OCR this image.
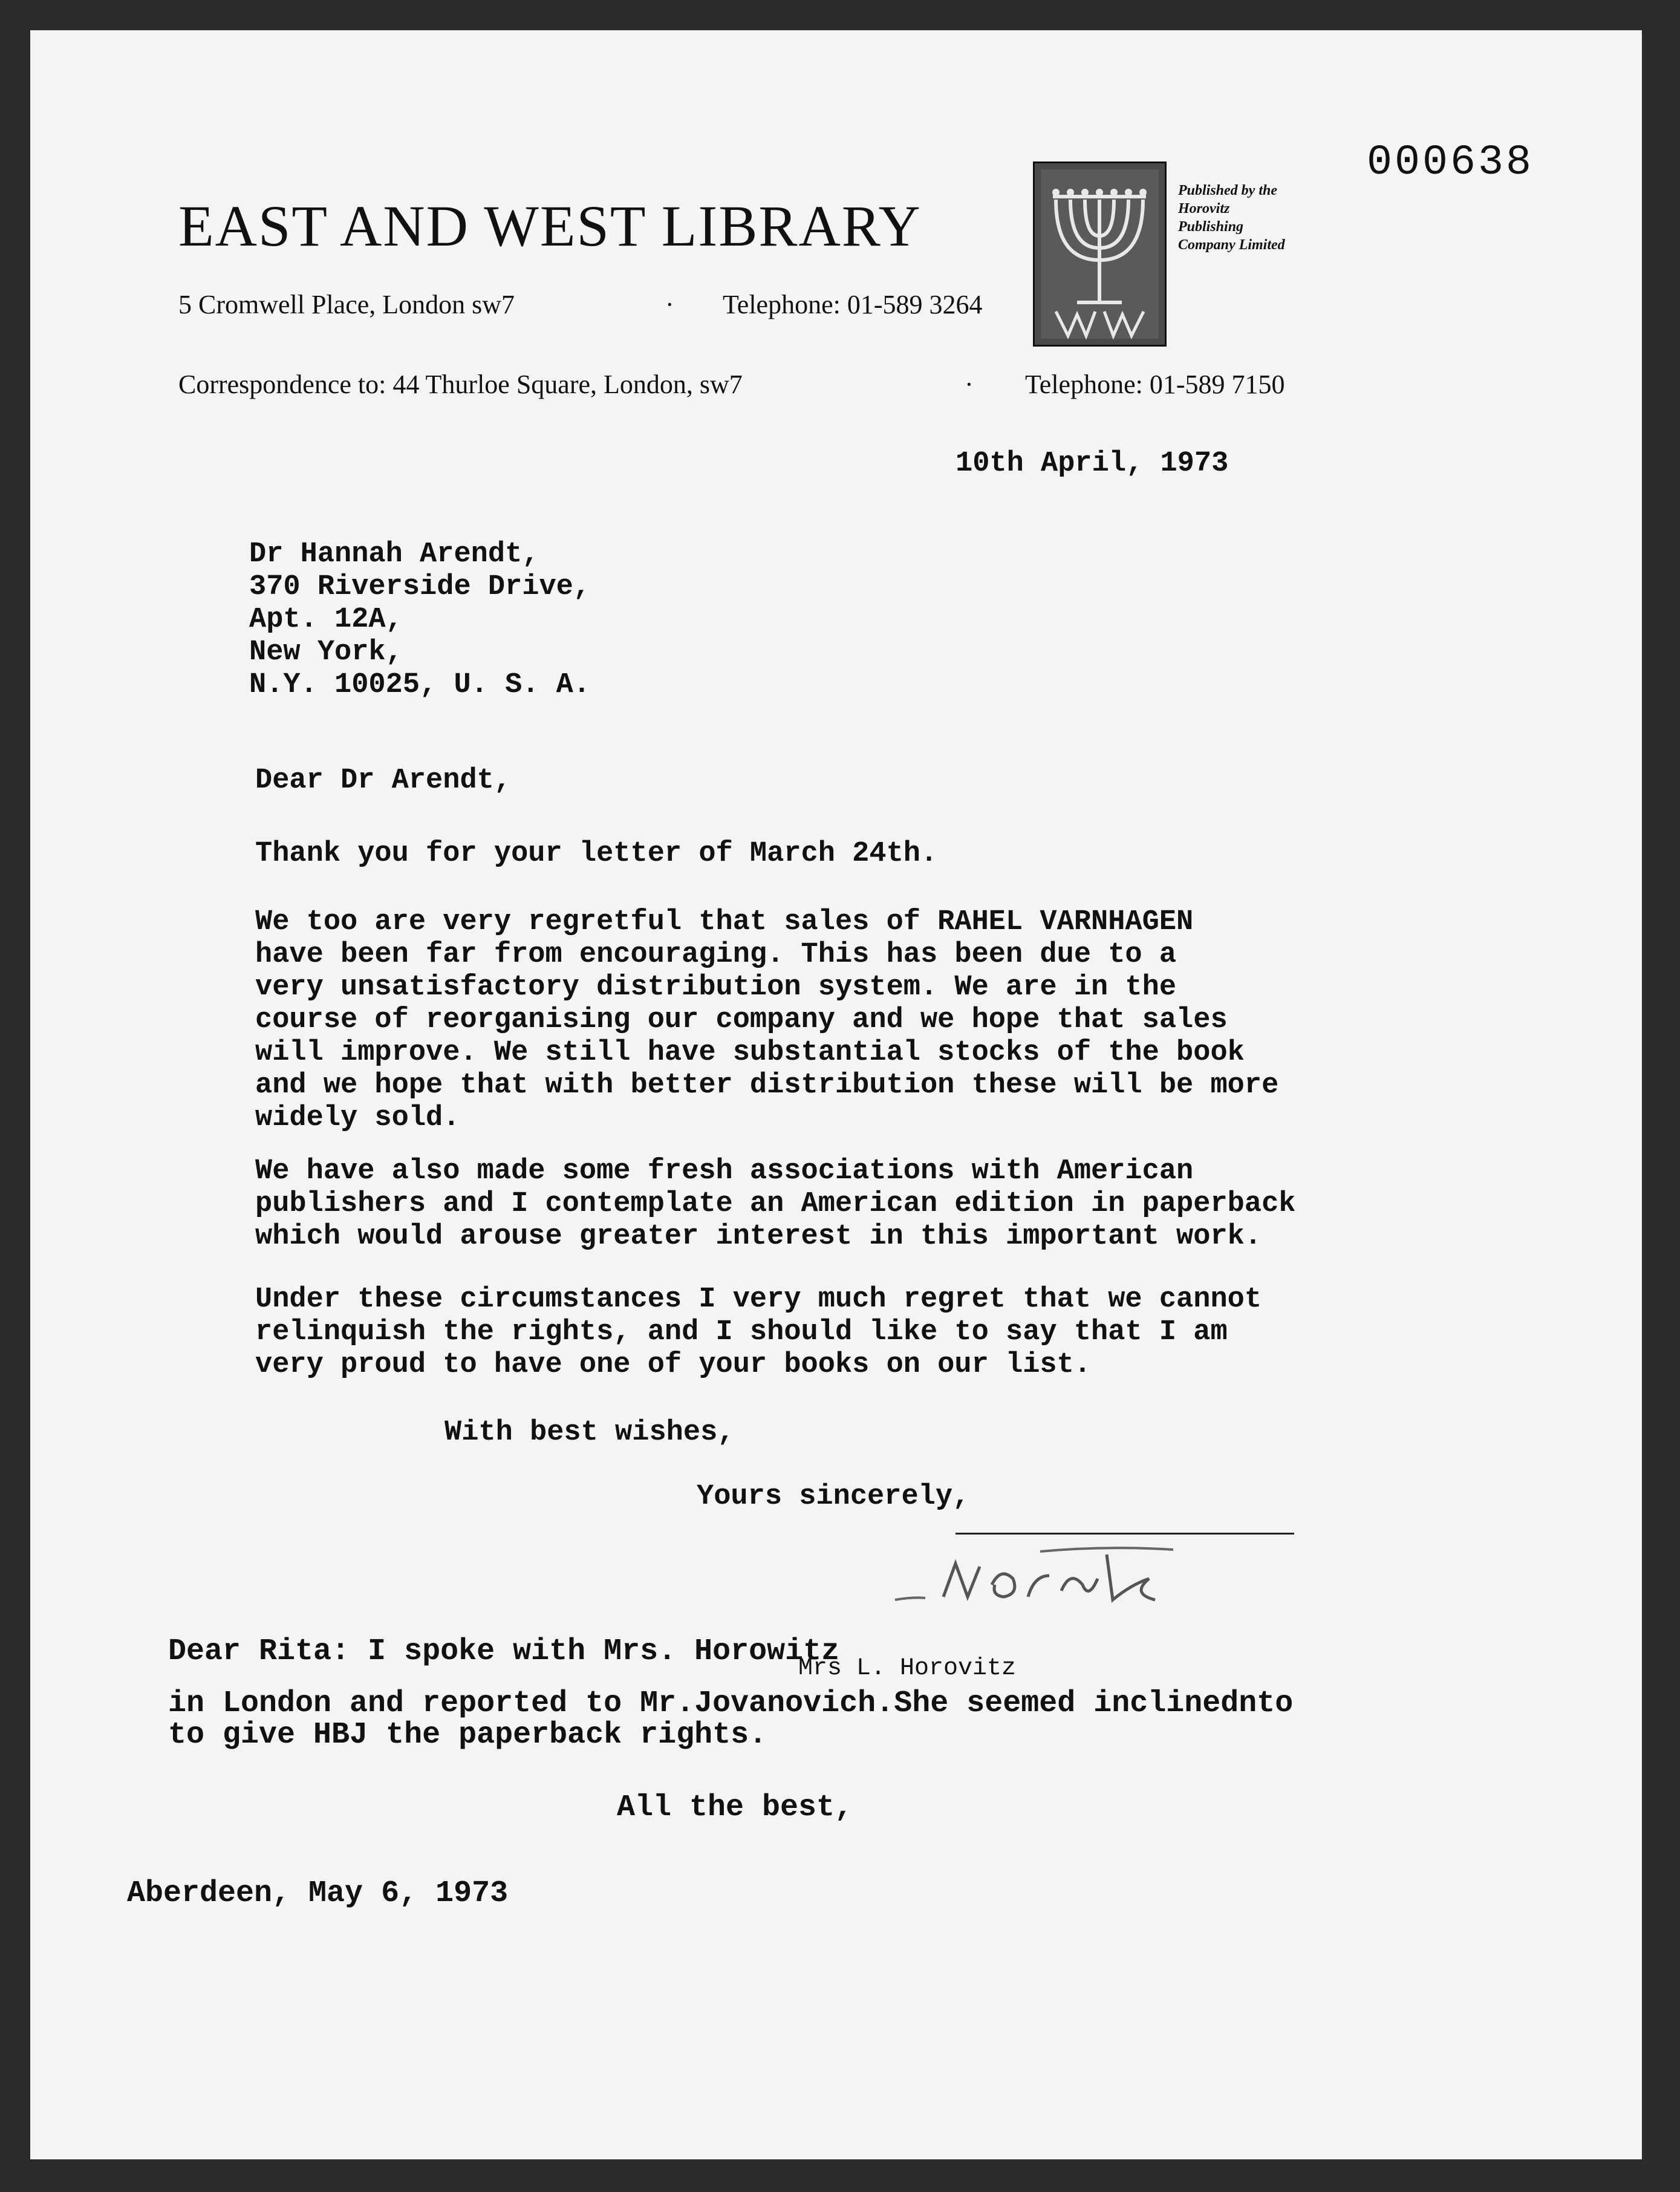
EAST AND WEST LIBRARY
5 Cromwell Place, London sw7	· Telephone: 01-589 3264
Correspondence to: 44 Thurloe Square, London, sw7	· Telephone: 01-589 7150
Published by the
Horovitz
Publishing
Company Limited
000638
10th April, 1973
Dr Hannah Arendt,
370 Riverside Drive,
Apt. 12A,
New York,
N.Y. 10025, U. S. A.
Dear Dr Arendt,
Thank you for your letter of March 24th.
We too are very regretful that sales of RAHEL VARNHAGEN
have been far from encouraging. This has been due to a
very unsatisfactory distribution system. We are in the
course of reorganising our company and we hope that sales
will improve. We still have substantial stocks of the book
and we hope that with better distribution these will be more
widely sold.
We have also made some fresh associations with American
publishers and I contemplate an American edition in paperback
which would arouse greater interest in this important work.
Under these circumstances I very much regret that we cannot
relinquish the rights, and I should like to say that I am
very proud to have one of your books on our list.
With best wishes,
Yours sincerely,
Dear Rita: I spoke with Mrs. Horowitz
Mrs L. Horovitz
in London and reported to Mr.Jovanovich.She seemed inclinednto
to give HBJ the paperback rights.
All the best,
Aberdeen, May 6, 1973
